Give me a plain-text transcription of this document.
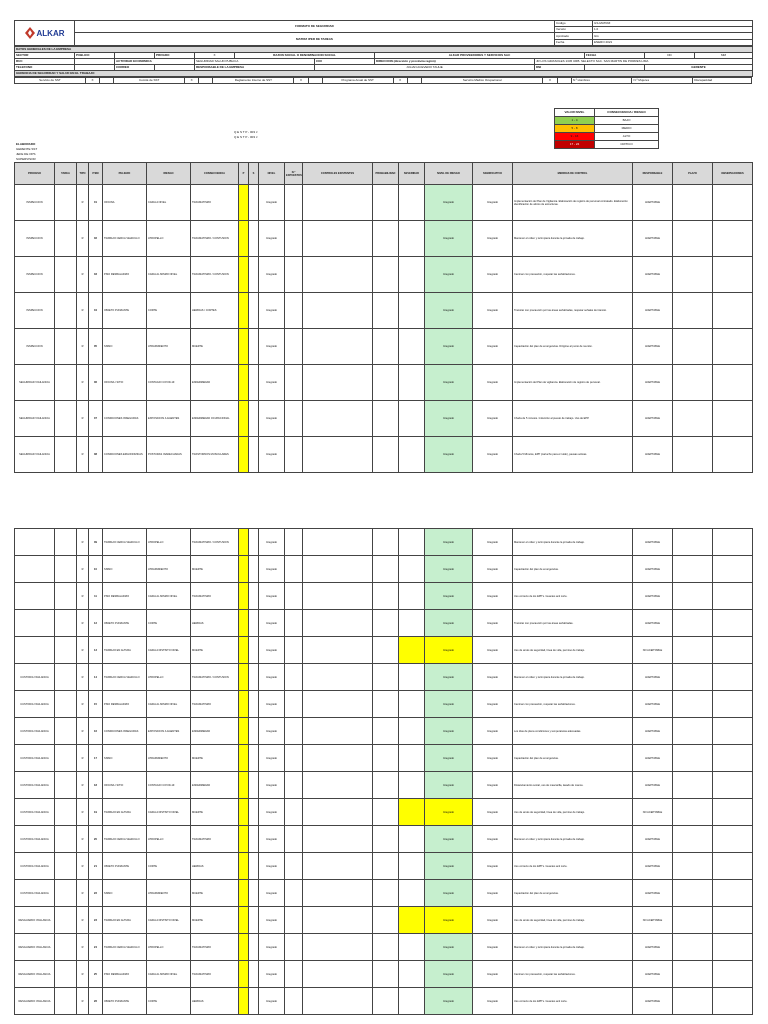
ALKAR	FORMATO DE SEGURIDAD	Código	GS-MATRIZ
		Versión	1.0
	MATRIZ IPER DE TAREAS	Aprobado	GG
		Fecha	ENERO 2021
DATOS GENERALES DE LA EMPRESA											
SECTOR	PUBLICO		PRIVADO	X	RAZON SOCIAL O DENOMINACION SOCIAL		ALKAR PROVEEDORES Y SERVICIOS SAC		FECHA	DD	MM
RUC		ACTIVIDAD ECONOMICA		SEGURIDAD SALUD PUBLICA		CIIU	DIRECCION (dirección y provincia región)	JR LOS GIRASOLES 1345 URB. SELECTO SAC. SAN MARTIN DE PORRES LIMA			
TELEFONO		CORREO		RESPONSABLE DE LA EMPRESA		JULIAN ACEVEDO TAUHE		DNI		GERENTE	
GERENCIA DE SEGURIDAD Y SALUD EN EL TRABAJO											
Servicio de SST	X		Comité de SST	X		Reglamento Interno de SST	X		Programa Anual de SST	X		Servicio Médico Ocupacional	X		N.º Hombres	N.º Mujeres	Discapacidad
Q E S T P - 003 J
Q E S T P - 003 J
VALOR NIVEL	CONSECUENCIA / RIESGO
1 - 4	BAJO
5 - 8	MEDIO
9 - 16	ALTO
17 - 24	CRITICO
ELABORADO
GERENTE SST
JEFE DE OPS
SUPERVISOR
PROCESO	TAREA	TIPO	ITEM	PELIGRO	RIESGO	CONSECUENCIA	P	S	NIVEL	N.º EXPUESTOS	CONTROLES EXISTENTES	PROBABILIDAD	SEVERIDAD	NIVEL DE RIESGO	SIGNIFICATIVO	MEDIDAS DE CONTROL	RESPONSABLE	PLAZO	OBSERVACIONES
INSPECCION		R	01	OFICINA	CAIDA A NIVEL	TRAUMATISMO			Integrado					Integrado	Integrado	Implementación de Plan de Vigilancia. Elaboración de registro de personal contratado. Elaboración identificación de aforos de estructuras.	ACEPTABLE		
INSPECCION		R	02	TRABAJO CERCA VEHICULO	ATROPELLO	TRAUMATISMO / CONTUSION			Integrado					Integrado	Integrado	Mantener el orden y la limpieza durante la jornada de trabajo.	ACEPTABLE		
INSPECCION		R	03	PISO RESBALADIZO	CAIDA AL MISMO NIVEL	TRAUMATISMO / CONTUSION			Integrado					Integrado	Integrado	Caminar con precaución, respetar las señalizaciones.	ACEPTABLE		
INSPECCION		R	04	OBJETO PUNZANTE	CORTE	HERIDAS / CORTES			Integrado					Integrado	Integrado	Transitar con precaución por las áreas señalizadas, respetar señales de tránsito.	ACEPTABLE		
INSPECCION		R	05	SISMO	ATRAPAMIENTO	MUERTE			Integrado					Integrado	Integrado	Capacitación del plan de emergencias. Dirigirse al punto de reunión.	ACEPTABLE		
SEGURIDAD VIGILANCIA		R	06	OFICINA / SITIO	CONTAGIO COVID-19	ENFERMEDAD			Integrado					Integrado	Integrado	Implementación del Plan de vigilancia. Elaboración de registro de personal.	ACEPTABLE		
SEGURIDAD VIGILANCIA		R	07	CONDICIONES INSEGURAS	EXPOSICION A AGENTES	ENFERMEDAD OCUPACIONAL			Integrado					Integrado	Integrado	Charla de 5 minutos. Inducción al puesto de trabajo. Uso de EPP.	ACEPTABLE		
SEGURIDAD VIGILANCIA		R	08	CONDICIONES ERGONOMICAS	POSTURAS INADECUADAS	TRASTORNOS MUSCULARES			Integrado					Integrado	Integrado	Charla 5 Minutos, EPP (cartucho para el ruido), pausas activas.	ACEPTABLE		
		R	09	TRABAJO CERCA VEHICULO	ATROPELLO	TRAUMATISMO / CONTUSION			Integrado					Integrado	Integrado	Mantener el orden y la limpieza durante la jornada de trabajo.	ACEPTABLE		
		R	10	SISMO	ATRAPAMIENTO	MUERTE			Integrado					Integrado	Integrado	Capacitación del plan de emergencias.	ACEPTABLE		
		R	11	PISO RESBALADIZO	CAIDA AL MISMO NIVEL	TRAUMATISMO			Integrado					Integrado	Integrado	Uso correcto de los EPP's. Guantes anti corte.	ACEPTABLE		
		R	12	OBJETO PUNZANTE	CORTE	HERIDAS			Integrado					Integrado	Integrado	Transitar con precaución por las áreas señalizadas.	ACEPTABLE		
		R	13	TRABAJO EN ALTURA	CAIDA A DISTINTO NIVEL	MUERTE			Integrado					Integrado	Integrado	Uso de arnés de seguridad, línea de vida, permiso de trabajo.	NO ACEPTABLE		
CUSTODIA VIGILANCIA		R	14	TRABAJO CERCA VEHICULO	ATROPELLO	TRAUMATISMO / CONTUSION			Integrado					Integrado	Integrado	Mantener el orden y la limpieza durante la jornada de trabajo.	ACEPTABLE		
CUSTODIA VIGILANCIA		R	15	PISO RESBALADIZO	CAIDA AL MISMO NIVEL	TRAUMATISMO			Integrado					Integrado	Integrado	Caminar con precaución, respetar las señalizaciones.	ACEPTABLE		
CUSTODIA VIGILANCIA		R	16	CONDICIONES INSEGURAS	EXPOSICION A AGENTES	ENFERMEDAD			Integrado					Integrado	Integrado	Los días de plena condiciones y temperaturas adecuadas.	ACEPTABLE		
CUSTODIA VIGILANCIA		R	17	SISMO	ATRAPAMIENTO	MUERTE			Integrado					Integrado	Integrado	Capacitación del plan de emergencias.	ACEPTABLE		
CUSTODIA VIGILANCIA		R	18	OFICINA / SITIO	CONTAGIO COVID-19	ENFERMEDAD			Integrado					Integrado	Integrado	Distanciamiento social, uso de mascarilla, lavado de manos.	ACEPTABLE		
CUSTODIA VIGILANCIA		R	19	TRABAJO EN ALTURA	CAIDA A DISTINTO NIVEL	MUERTE			Integrado					Integrado	Integrado	Uso de arnés de seguridad, línea de vida, permiso de trabajo.	NO ACEPTABLE		
CUSTODIA VIGILANCIA		R	20	TRABAJO CERCA VEHICULO	ATROPELLO	TRAUMATISMO			Integrado					Integrado	Integrado	Mantener el orden y la limpieza durante la jornada de trabajo.	ACEPTABLE		
CUSTODIA VIGILANCIA		R	21	OBJETO PUNZANTE	CORTE	HERIDAS			Integrado					Integrado	Integrado	Uso correcto de los EPP's. Guantes anti corte.	ACEPTABLE		
CUSTODIA VIGILANCIA		R	22	SISMO	ATRAPAMIENTO	MUERTE			Integrado					Integrado	Integrado	Capacitación del plan de emergencias.	ACEPTABLE		
RESGUARDO VIGILANCIA		R	23	TRABAJO EN ALTURA	CAIDA A DISTINTO NIVEL	MUERTE			Integrado					Integrado	Integrado	Uso de arnés de seguridad, línea de vida, permiso de trabajo.	NO ACEPTABLE		
RESGUARDO VIGILANCIA		R	24	TRABAJO CERCA VEHICULO	ATROPELLO	TRAUMATISMO			Integrado					Integrado	Integrado	Mantener el orden y la limpieza durante la jornada de trabajo.	ACEPTABLE		
RESGUARDO VIGILANCIA		R	25	PISO RESBALADIZO	CAIDA AL MISMO NIVEL	TRAUMATISMO			Integrado					Integrado	Integrado	Caminar con precaución, respetar las señalizaciones.	ACEPTABLE		
RESGUARDO VIGILANCIA		R	26	OBJETO PUNZANTE	CORTE	HERIDAS			Integrado					Integrado	Integrado	Uso correcto de los EPP's. Guantes anti corte.	ACEPTABLE		
